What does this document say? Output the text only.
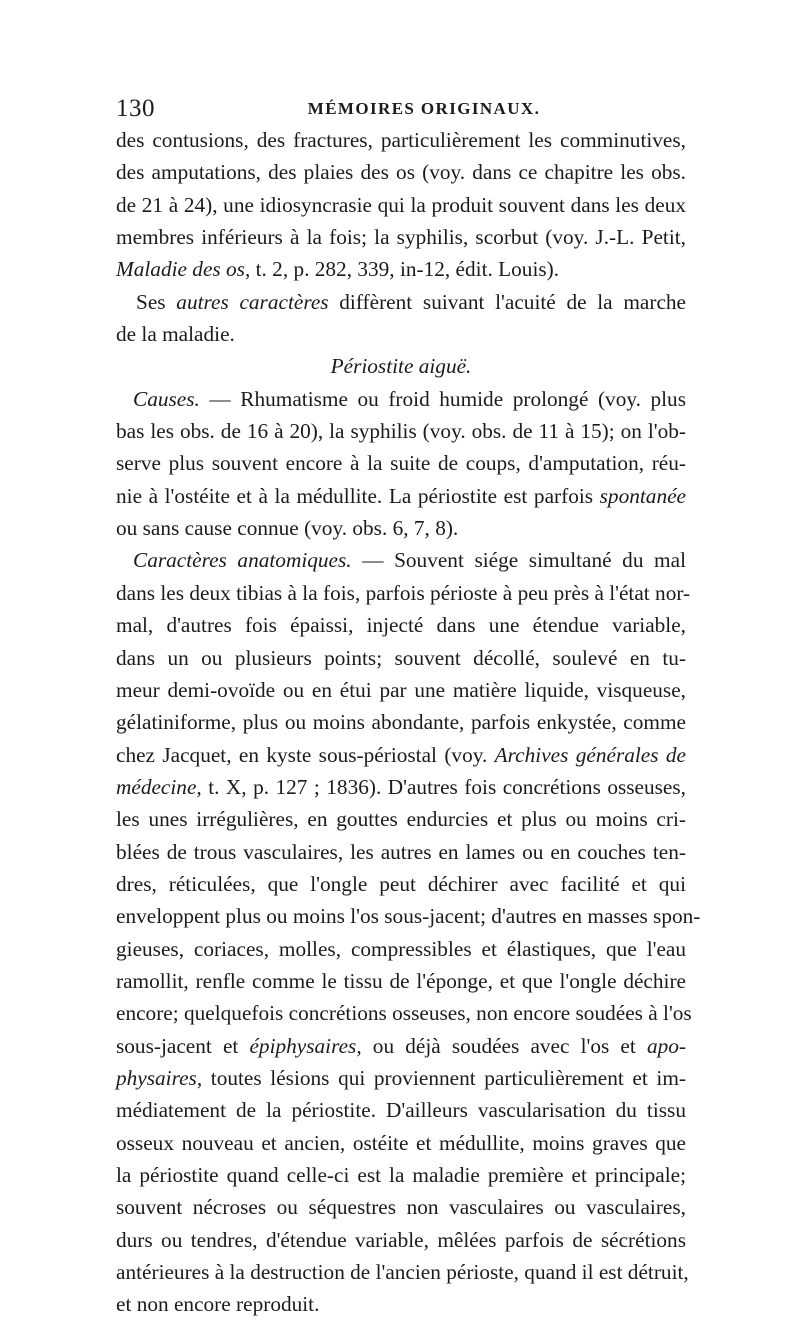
130	MÉMOIRES ORIGINAUX.
des contusions, des fractures, particulièrement les comminutives,
des amputations, des plaies des os (voy. dans ce chapitre les obs.
de 21 à 24), une idiosyncrasie qui la produit souvent dans les deux
membres inférieurs à la fois; la syphilis, scorbut (voy. J.-L. Petit,
Maladie des os, t. 2, p. 282, 339, in-12, édit. Louis).
Ses autres caractères diffèrent suivant l'acuité de la marche
de la maladie.
Périostite aiguë.
Causes. — Rhumatisme ou froid humide prolongé (voy. plus
bas les obs. de 16 à 20), la syphilis (voy. obs. de 11 à 15); on l'ob-
serve plus souvent encore à la suite de coups, d'amputation, réu-
nie à l'ostéite et à la médullite. La périostite est parfois spontanée
ou sans cause connue (voy. obs. 6, 7, 8).
Caractères anatomiques. — Souvent siége simultané du mal
dans les deux tibias à la fois, parfois périoste à peu près à l'état nor-
mal, d'autres fois épaissi, injecté dans une étendue variable,
dans un ou plusieurs points; souvent décollé, soulevé en tu-
meur demi-ovoïde ou en étui par une matière liquide, visqueuse,
gélatiniforme, plus ou moins abondante, parfois enkystée, comme
chez Jacquet, en kyste sous-périostal (voy. Archives générales de
médecine, t. X, p. 127 ; 1836). D'autres fois concrétions osseuses,
les unes irrégulières, en gouttes endurcies et plus ou moins cri-
blées de trous vasculaires, les autres en lames ou en couches ten-
dres, réticulées, que l'ongle peut déchirer avec facilité et qui
enveloppent plus ou moins l'os sous-jacent; d'autres en masses spon-
gieuses, coriaces, molles, compressibles et élastiques, que l'eau
ramollit, renfle comme le tissu de l'éponge, et que l'ongle déchire
encore; quelquefois concrétions osseuses, non encore soudées à l'os
sous-jacent et épiphysaires, ou déjà soudées avec l'os et apo-
physaires, toutes lésions qui proviennent particulièrement et im-
médiatement de la périostite. D'ailleurs vascularisation du tissu
osseux nouveau et ancien, ostéite et médullite, moins graves que
la périostite quand celle-ci est la maladie première et principale;
souvent nécroses ou séquestres non vasculaires ou vasculaires,
durs ou tendres, d'étendue variable, mêlées parfois de sécrétions
antérieures à la destruction de l'ancien périoste, quand il est détruit,
et non encore reproduit.
